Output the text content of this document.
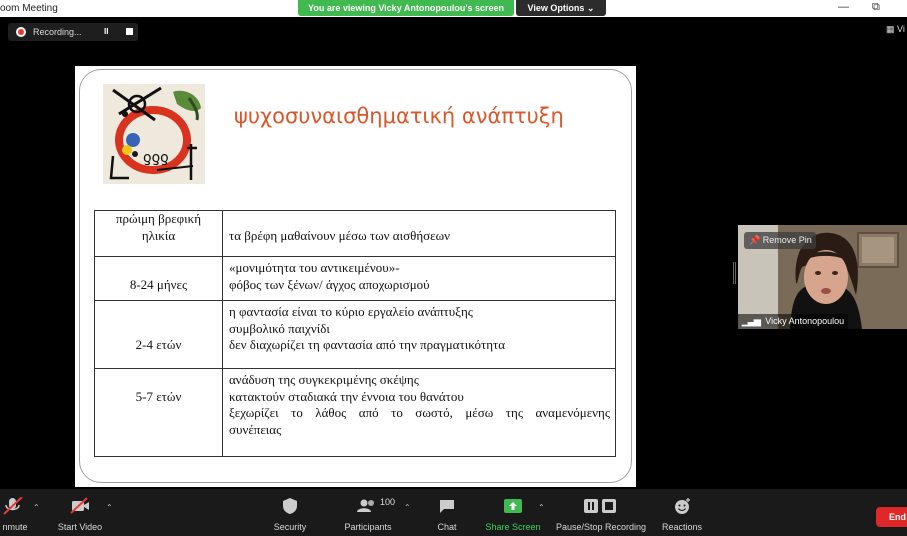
oom Meeting	— ⧉
You are viewing Vicky Antonopoulou's screen	View Options ⌄
Recording...	II	▦ Vi
ƍƍƍ
ψυχοσυναισθηματική ανάπτυξη
πρώιμη βρεφική
ηλικία	τα βρέφη μαθαίνουν μέσω των αισθήσεων

8-24 μήνες	«μονιμότητα του αντικειμένου»-
φόβος των ξένων/ άγχος αποχωρισμού

2-4 ετών	η φαντασία είναι το κύριο εργαλείο ανάπτυξης
συμβολικό παιχνίδι
δεν διαχωρίζει τη φαντασία από την πραγματικότητα

5-7 ετών	ανάδυση της συγκεκριμένης σκέψης
κατακτούν σταδιακά την έννοια του θανάτου
ξεχωρίζει το λάθος από το σωστό, μέσω της αναμενόμενης
συνέπειας
📌 Remove Pin
▁▃▅ Vicky Antonopoulou
nmute
⌃
Start Video
⌃
Security
100
Participants
⌃
Chat	Share Screen
⌃
Pause/Stop Recording	Reactions
End
